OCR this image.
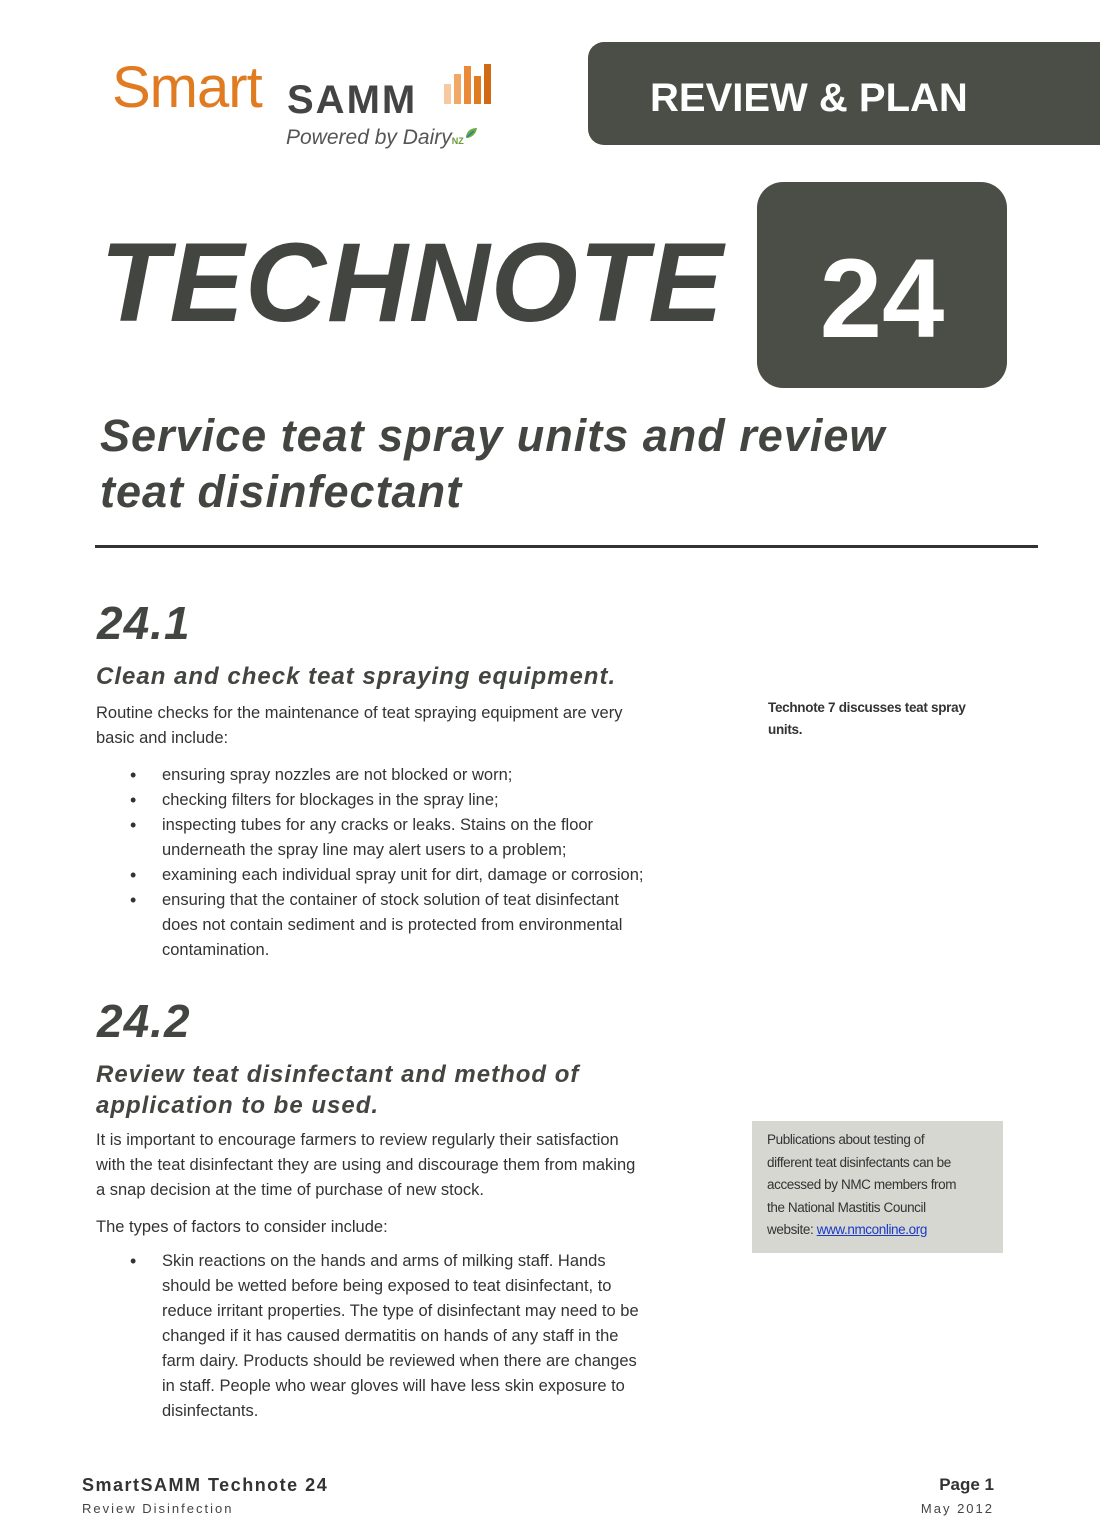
Smart SAMM
Powered by DairyNZ
REVIEW & PLAN
TECHNOTE 24
Service teat spray units and review
teat disinfectant
24.1
Clean and check teat spraying equipment.
Routine checks for the maintenance of teat spraying equipment are very
basic and include:
• ensuring spray nozzles are not blocked or worn;
• checking filters for blockages in the spray line;
• inspecting tubes for any cracks or leaks. Stains on the floor
underneath the spray line may alert users to a problem;
• examining each individual spray unit for dirt, damage or corrosion;
• ensuring that the container of stock solution of teat disinfectant
does not contain sediment and is protected from environmental
contamination.
Technote 7 discusses teat spray
units.
24.2
Review teat disinfectant and method of
application to be used.
It is important to encourage farmers to review regularly their satisfaction
with the teat disinfectant they are using and discourage them from making
a snap decision at the time of purchase of new stock.
The types of factors to consider include:
• Skin reactions on the hands and arms of milking staff. Hands
should be wetted before being exposed to teat disinfectant, to
reduce irritant properties. The type of disinfectant may need to be
changed if it has caused dermatitis on hands of any staff in the
farm dairy. Products should be reviewed when there are changes
in staff. People who wear gloves will have less skin exposure to
disinfectants.
Publications about testing of
different teat disinfectants can be
accessed by NMC members from
the National Mastitis Council
website: www.nmconline.org
SmartSAMM Technote 24
Review Disinfection
Page 1
May 2012
